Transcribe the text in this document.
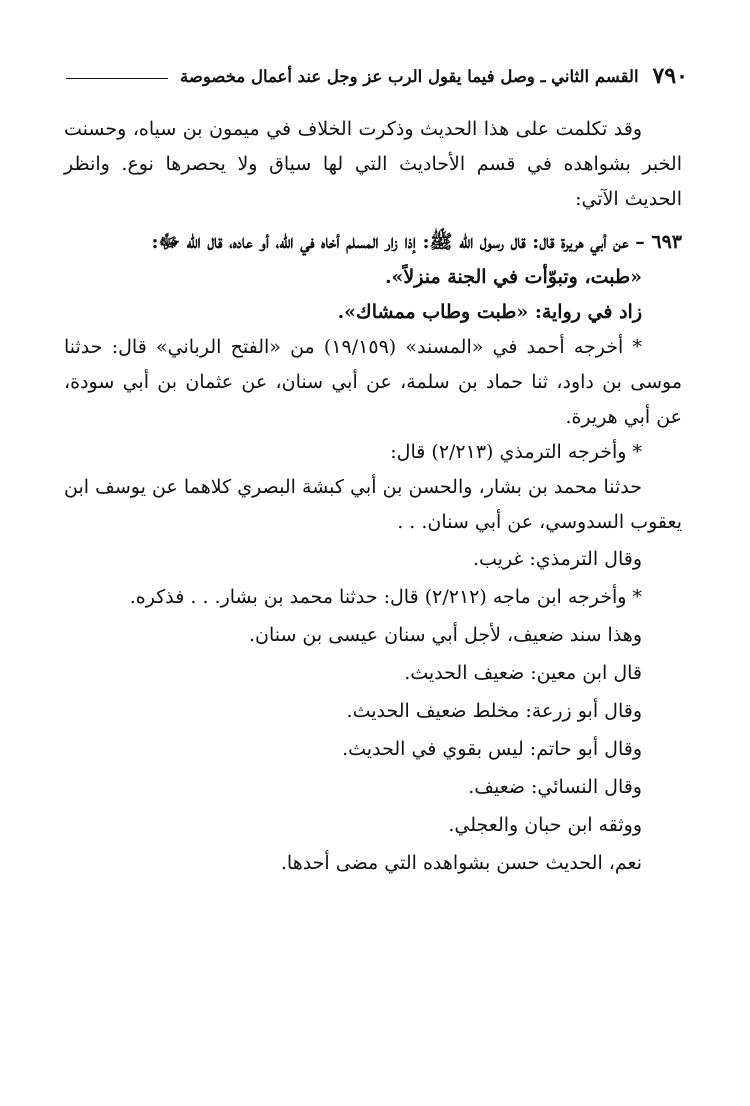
٧٩٠
القسم الثاني ـ وصل فيما يقول الرب عز وجل عند أعمال مخصوصة

وقد تكلمت على هذا الحديث وذكرت الخلاف في ميمون بن سياه، وحسنت الخبر بشواهده في قسم الأحاديث التي لها سياق ولا يحصرها نوع. وانظر الحديث الآتي:

٦٩٣ – عن أبي هريرة قال: قال رسول الله ﷺ: إذا زار المسلم أخاه في الله، أو عاده، قال الله ﷻ:

«طبت، وتبوّأت في الجنة منزلاً».

زاد في رواية: «طبت وطاب ممشاك».

* أخرجه أحمد في «المسند» (١٩/١٥٩) من «الفتح الرباني» قال: حدثنا موسى بن داود، ثنا حماد بن سلمة، عن أبي سنان، عن عثمان بن أبي سودة، عن أبي هريرة.

* وأخرجه الترمذي (٢/٢١٣) قال:

حدثنا محمد بن بشار، والحسن بن أبي كبشة البصري كلاهما عن يوسف ابن يعقوب السدوسي، عن أبي سنان. . .

وقال الترمذي: غريب.

* وأخرجه ابن ماجه (٢/٢١٢) قال: حدثنا محمد بن بشار. . . فذكره.

وهذا سند ضعيف، لأجل أبي سنان عيسى بن سنان.

قال ابن معين: ضعيف الحديث.

وقال أبو زرعة: مخلط ضعيف الحديث.

وقال أبو حاتم: ليس بقوي في الحديث.

وقال النسائي: ضعيف.

ووثقه ابن حبان والعجلي.

نعم، الحديث حسن بشواهده التي مضى أحدها.
